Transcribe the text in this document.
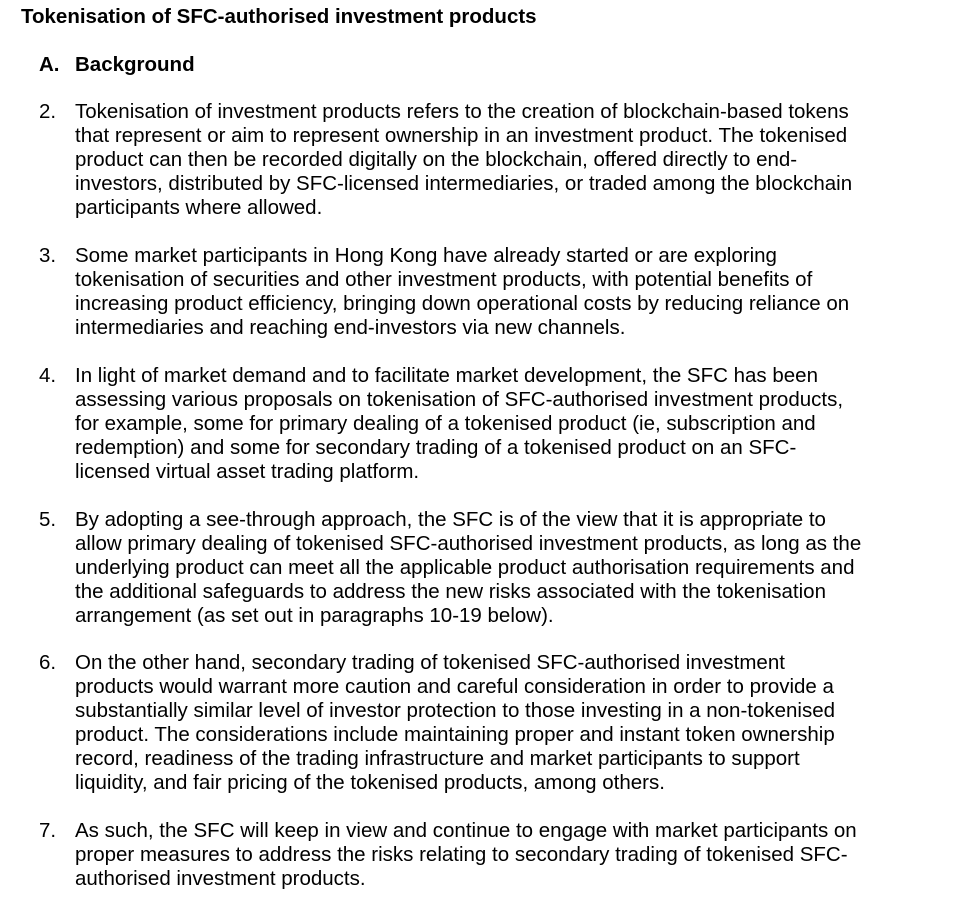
Tokenisation of SFC-authorised investment products
A. Background
2. Tokenisation of investment products refers to the creation of blockchain-based tokens
that represent or aim to represent ownership in an investment product. The tokenised
product can then be recorded digitally on the blockchain, offered directly to end-
investors, distributed by SFC-licensed intermediaries, or traded among the blockchain
participants where allowed.
3. Some market participants in Hong Kong have already started or are exploring
tokenisation of securities and other investment products, with potential benefits of
increasing product efficiency, bringing down operational costs by reducing reliance on
intermediaries and reaching end-investors via new channels.
4. In light of market demand and to facilitate market development, the SFC has been
assessing various proposals on tokenisation of SFC-authorised investment products,
for example, some for primary dealing of a tokenised product (ie, subscription and
redemption) and some for secondary trading of a tokenised product on an SFC-
licensed virtual asset trading platform.
5. By adopting a see-through approach, the SFC is of the view that it is appropriate to
allow primary dealing of tokenised SFC-authorised investment products, as long as the
underlying product can meet all the applicable product authorisation requirements and
the additional safeguards to address the new risks associated with the tokenisation
arrangement (as set out in paragraphs 10-19 below).
6. On the other hand, secondary trading of tokenised SFC-authorised investment
products would warrant more caution and careful consideration in order to provide a
substantially similar level of investor protection to those investing in a non-tokenised
product. The considerations include maintaining proper and instant token ownership
record, readiness of the trading infrastructure and market participants to support
liquidity, and fair pricing of the tokenised products, among others.
7. As such, the SFC will keep in view and continue to engage with market participants on
proper measures to address the risks relating to secondary trading of tokenised SFC-
authorised investment products.
